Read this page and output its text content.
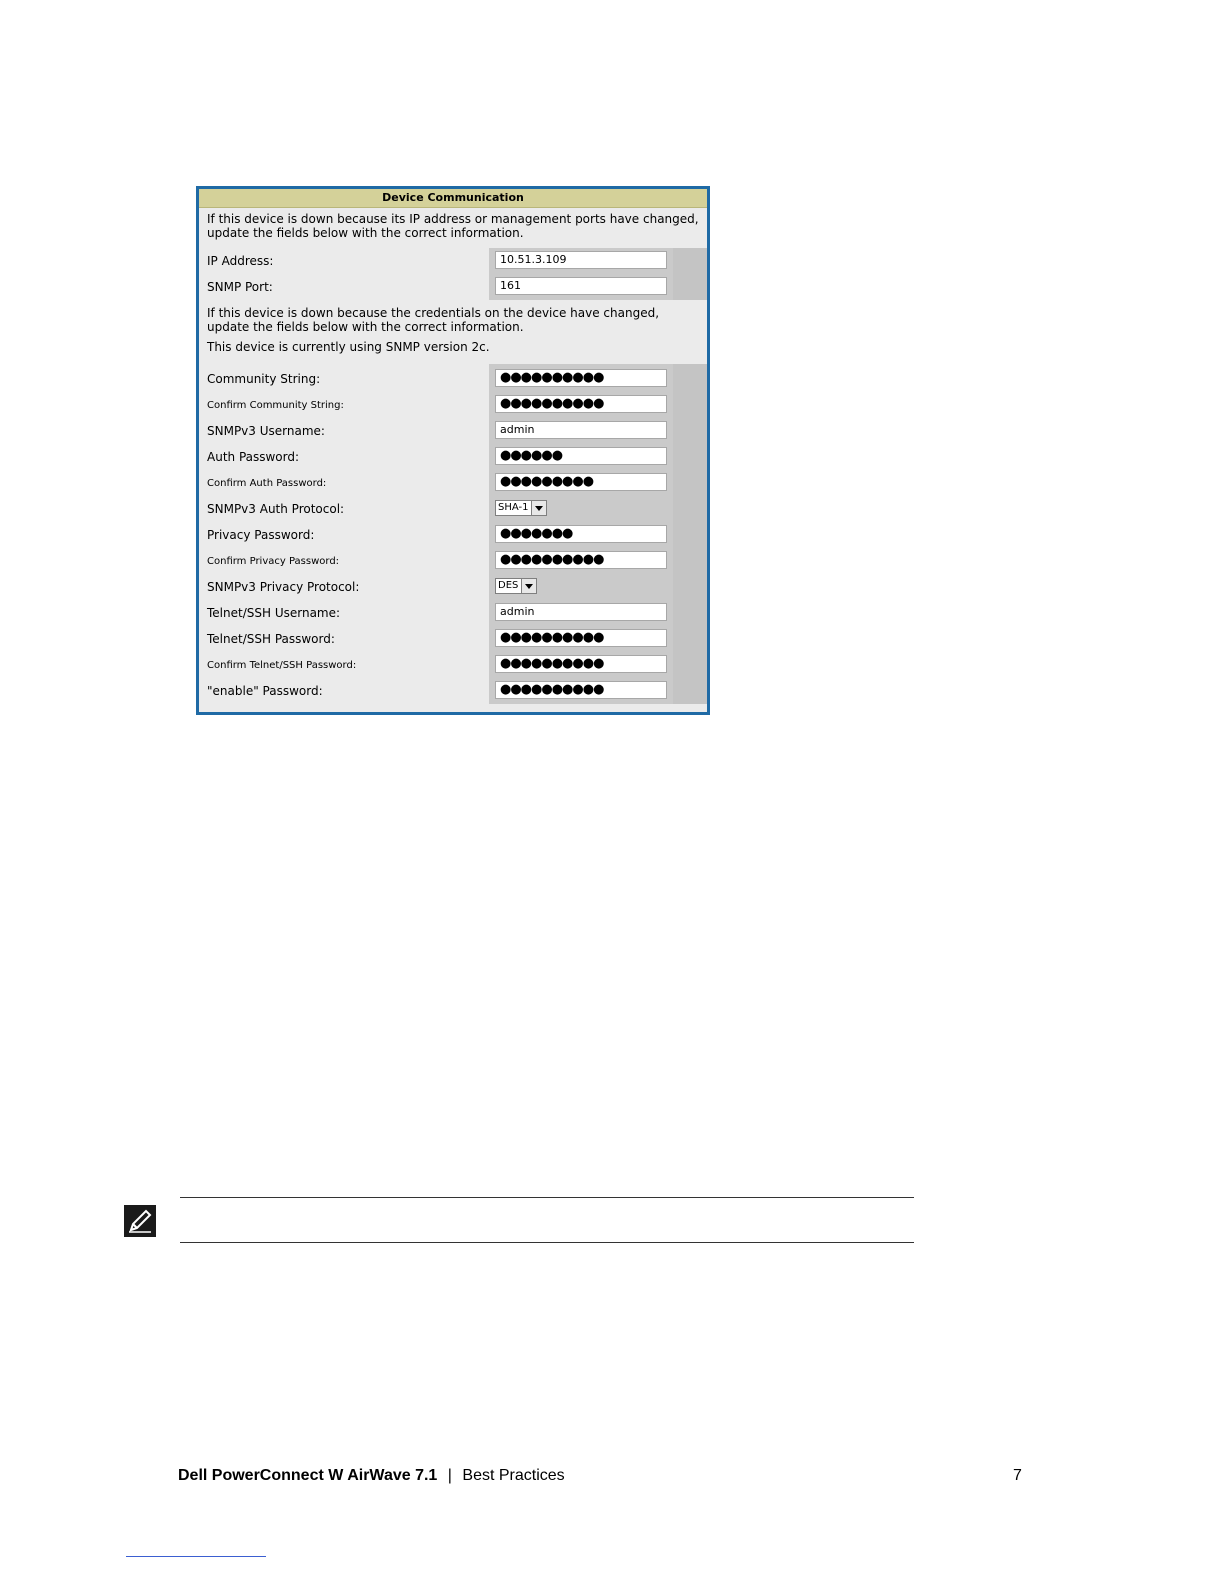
Device Communication

If this device is down because its IP address or management ports have changed, update the fields below with the correct information.

IP Address:	10.51.3.109
SNMP Port:	161

If this device is down because the credentials on the device have changed, update the fields below with the correct information.

This device is currently using SNMP version 2c.

Community String:	●●●●●●●●●●
Confirm Community String:	●●●●●●●●●●
SNMPv3 Username:	admin
Auth Password:	●●●●●●
Confirm Auth Password:	●●●●●●●●●
SNMPv3 Auth Protocol:	SHA-1
Privacy Password:	●●●●●●●
Confirm Privacy Password:	●●●●●●●●●●
SNMPv3 Privacy Protocol:	DES
Telnet/SSH Username:	admin
Telnet/SSH Password:	●●●●●●●●●●
Confirm Telnet/SSH Password:	●●●●●●●●●●
"enable" Password:	●●●●●●●●●●
Dell PowerConnect W AirWave 7.1 | Best Practices	7
